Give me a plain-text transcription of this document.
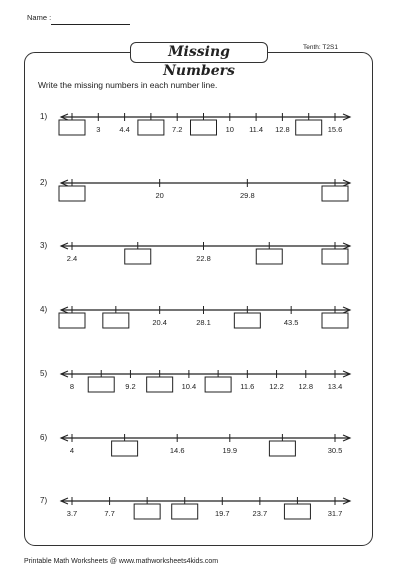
Name :
Tenth: T2S1
Missing Numbers
Write the missing numbers in each number line.
1)
3	4.4	7.2	10 11.4 12.8	15.6
2)
20	29.8
3)
2.4	22.8
4)
20.4	28.1	43.5
5)
8	9.2	10.4	11.6 12.2 12.8 13.4
6)
4	14.6	19.9	30.5
7)
3.7	7.7	19.7	23.7	31.7
Printable Math Worksheets @ www.mathworksheets4kids.com
